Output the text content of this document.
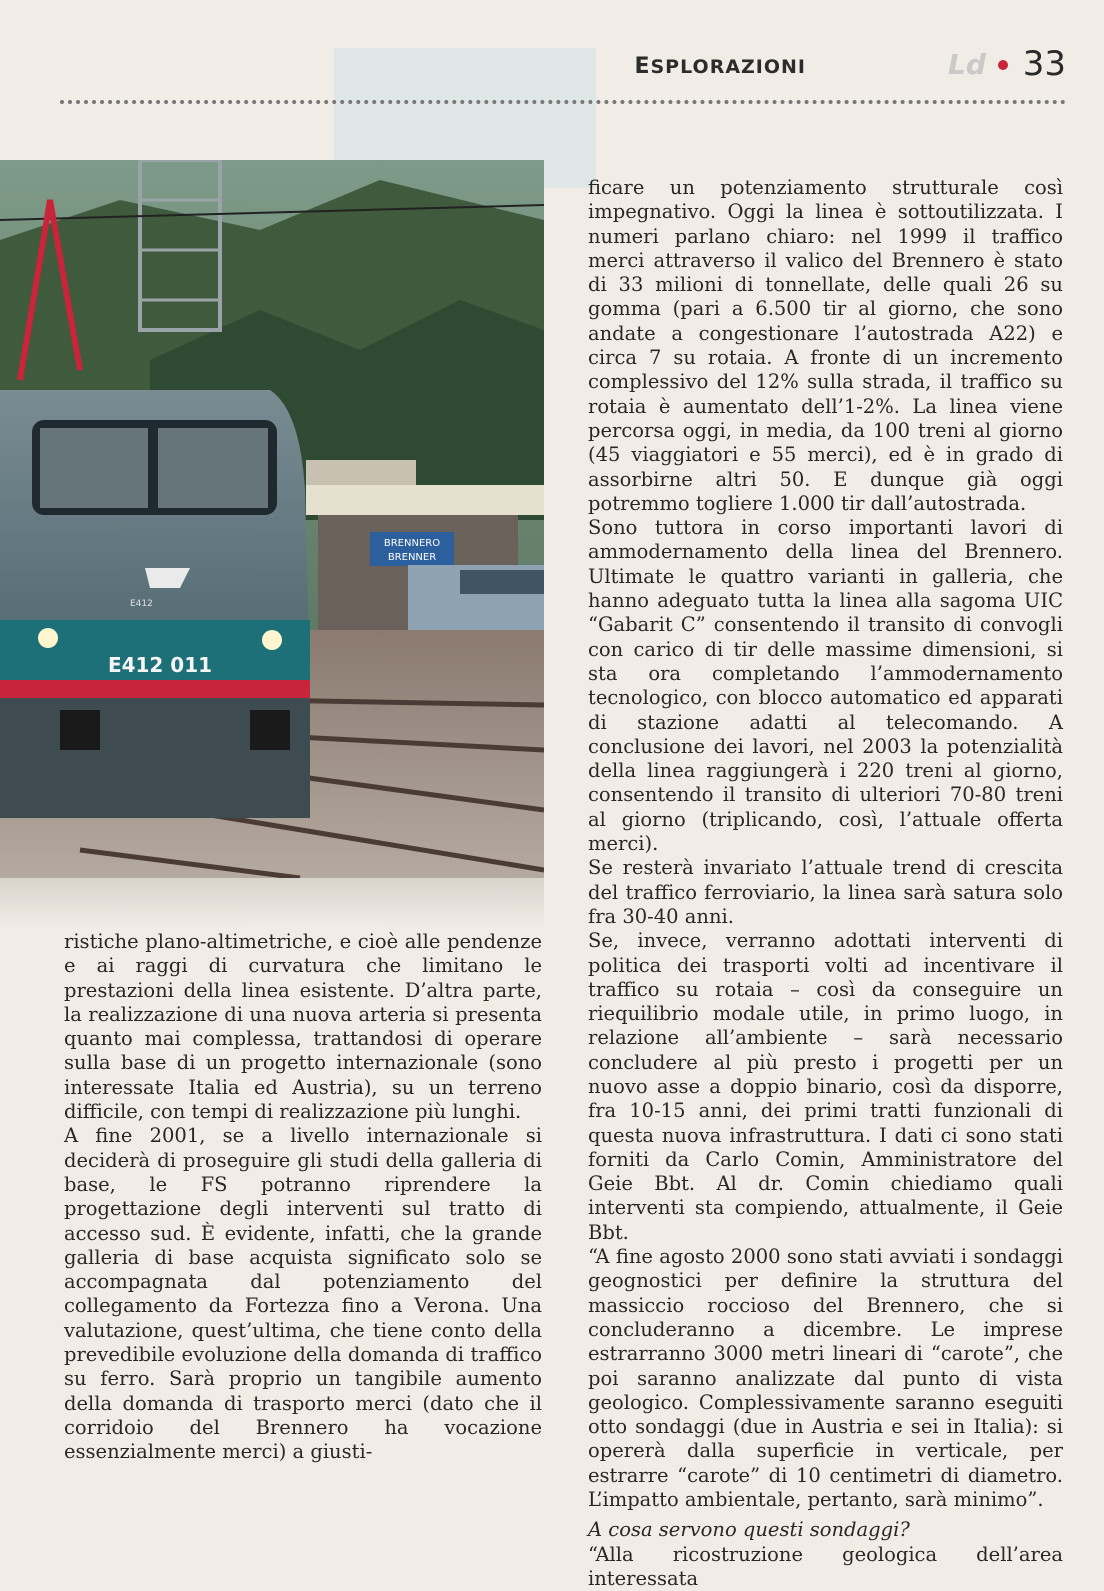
ESPLORAZIONI	Ld 33
BRENNERO
BRENNER
E412
E412 011

ristiche plano-altimetriche, e cioè alle pendenze e ai raggi di curvatura che limitano le prestazioni della linea esistente. D’altra parte, la realizzazione di una nuova arteria si presenta quanto mai complessa, trattandosi di operare sulla base di un progetto internazionale (sono interessate Italia ed Austria), su un terreno difficile, con tempi di realizzazione più lunghi.

A fine 2001, se a livello internazionale si deciderà di proseguire gli studi della galleria di base, le FS potranno riprendere la progettazione degli interventi sul tratto di accesso sud. È evidente, infatti, che la grande galleria di base acquista significato solo se accompagnata dal potenziamento del collegamento da Fortezza fino a Verona. Una valutazione, quest’ultima, che tiene conto della prevedibile evoluzione della domanda di traffico su ferro. Sarà proprio un tangibile aumento della domanda di trasporto merci (dato che il corridoio del Brennero ha vocazione essenzialmente merci) a giusti-

ficare un potenziamento strutturale così impegnativo. Oggi la linea è sottoutilizzata. I numeri parlano chiaro: nel 1999 il traffico merci attraverso il valico del Brennero è stato di 33 milioni di tonnellate, delle quali 26 su gomma (pari a 6.500 tir al giorno, che sono andate a congestionare l’autostrada A22) e circa 7 su rotaia. A fronte di un incremento complessivo del 12% sulla strada, il traffico su rotaia è aumentato dell’1-2%. La linea viene percorsa oggi, in media, da 100 treni al giorno (45 viaggiatori e 55 merci), ed è in grado di assorbirne altri 50. E dunque già oggi potremmo togliere 1.000 tir dall’autostrada.

Sono tuttora in corso importanti lavori di ammodernamento della linea del Brennero. Ultimate le quattro varianti in galleria, che hanno adeguato tutta la linea alla sagoma UIC “Gabarit C” consentendo il transito di convogli con carico di tir delle massime dimensioni, si sta ora completando l’ammodernamento tecnologico, con blocco automatico ed apparati di stazione adatti al telecomando. A conclusione dei lavori, nel 2003 la potenzialità della linea raggiungerà i 220 treni al giorno, consentendo il transito di ulteriori 70-80 treni al giorno (triplicando, così, l’attuale offerta merci).

Se resterà invariato l’attuale trend di crescita del traffico ferroviario, la linea sarà satura solo fra 30-40 anni.

Se, invece, verranno adottati interventi di politica dei trasporti volti ad incentivare il traffico su rotaia – così da conseguire un riequilibrio modale utile, in primo luogo, in relazione all’ambiente – sarà necessario concludere al più presto i progetti per un nuovo asse a doppio binario, così da disporre, fra 10-15 anni, dei primi tratti funzionali di questa nuova infrastruttura. I dati ci sono stati forniti da Carlo Comin, Amministratore del Geie Bbt. Al dr. Comin chiediamo quali interventi sta compiendo, attualmente, il Geie Bbt.

“A fine agosto 2000 sono stati avviati i sondaggi geognostici per definire la struttura del massiccio roccioso del Brennero, che si concluderanno a dicembre. Le imprese estrarranno 3000 metri lineari di “carote”, che poi saranno analizzate dal punto di vista geologico. Complessivamente saranno eseguiti otto sondaggi (due in Austria e sei in Italia): si opererà dalla superficie in verticale, per estrarre “carote” di 10 centimetri di diametro. L’impatto ambientale, pertanto, sarà minimo”.

A cosa servono questi sondaggi?

“Alla ricostruzione geologica dell’area interessata
